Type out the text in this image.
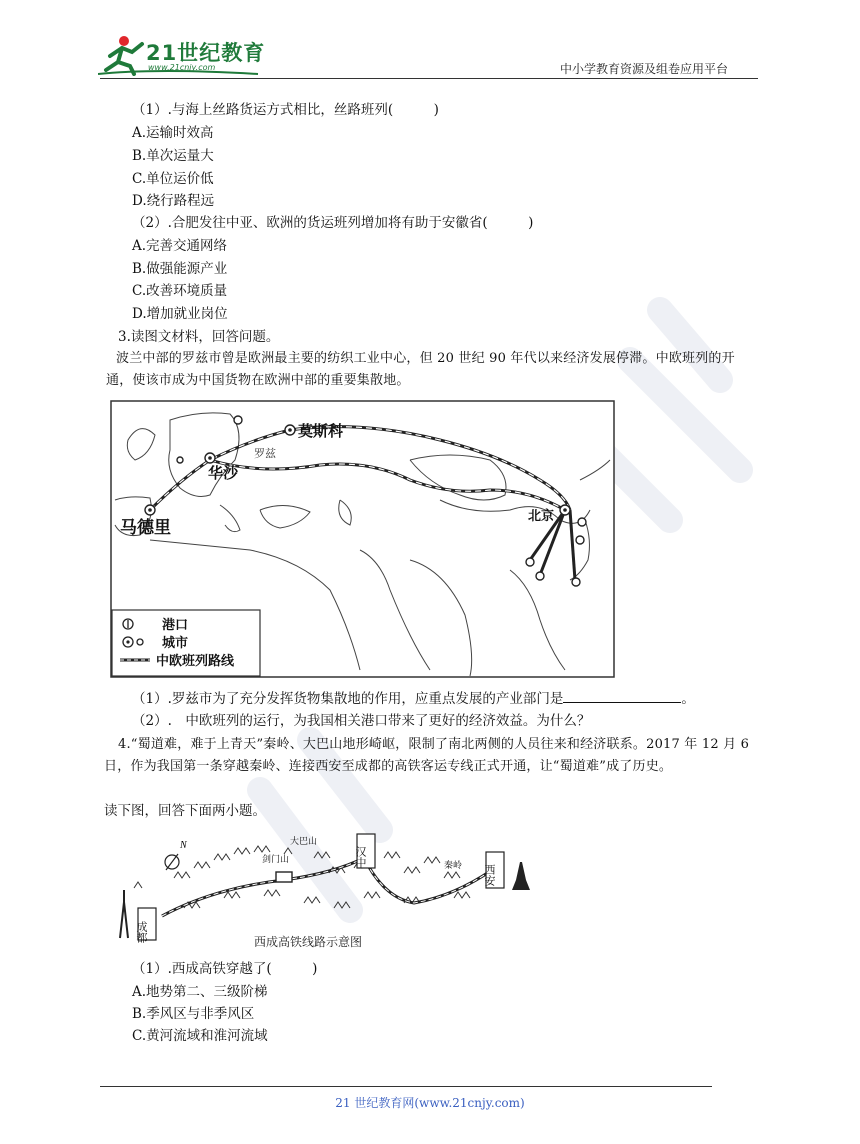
21世纪教育
www.21cnjy.com	中小学教育资源及组卷应用平台
（1）.与海上丝路货运方式相比，丝路班列(　　　)
A.运输时效高
B.单次运量大
C.单位运价低
D.绕行路程远
（2）.合肥发往中亚、欧洲的货运班列增加将有助于安徽省(　　　)
A.完善交通网络
B.做强能源产业
C.改善环境质量
D.增加就业岗位
3.读图文材料，回答问题。
波兰中部的罗兹市曾是欧洲最主要的纺织工业中心，但 20 世纪 90 年代以来经济发展停滞。中欧班列的开通，使该市成为中国货物在欧洲中部的重要集散地。
莫斯科
华沙
马德里
北京
罗兹
港口
城市
中欧班列路线
（1）.罗兹市为了充分发挥货物集散地的作用，应重点发展的产业部门是	。
（2）.　中欧班列的运行，为我国相关港口带来了更好的经济效益。为什么？
4.“蜀道难，难于上青天”秦岭、大巴山地形崎岖，限制了南北两侧的人员往来和经济联系。2017 年 12 月 6 日，作为我国第一条穿越秦岭、连接西安至成都的高铁客运专线正式开通，让“蜀道难”成了历史。
读下图，回答下面两小题。
N
成都
汉中
西安
剑门山
大巴山
秦岭
西成高铁线路示意图
（1）.西成高铁穿越了(　　　)
A.地势第二、三级阶梯
B.季风区与非季风区
C.黄河流域和淮河流域
21 世纪教育网(www.21cnjy.com)
